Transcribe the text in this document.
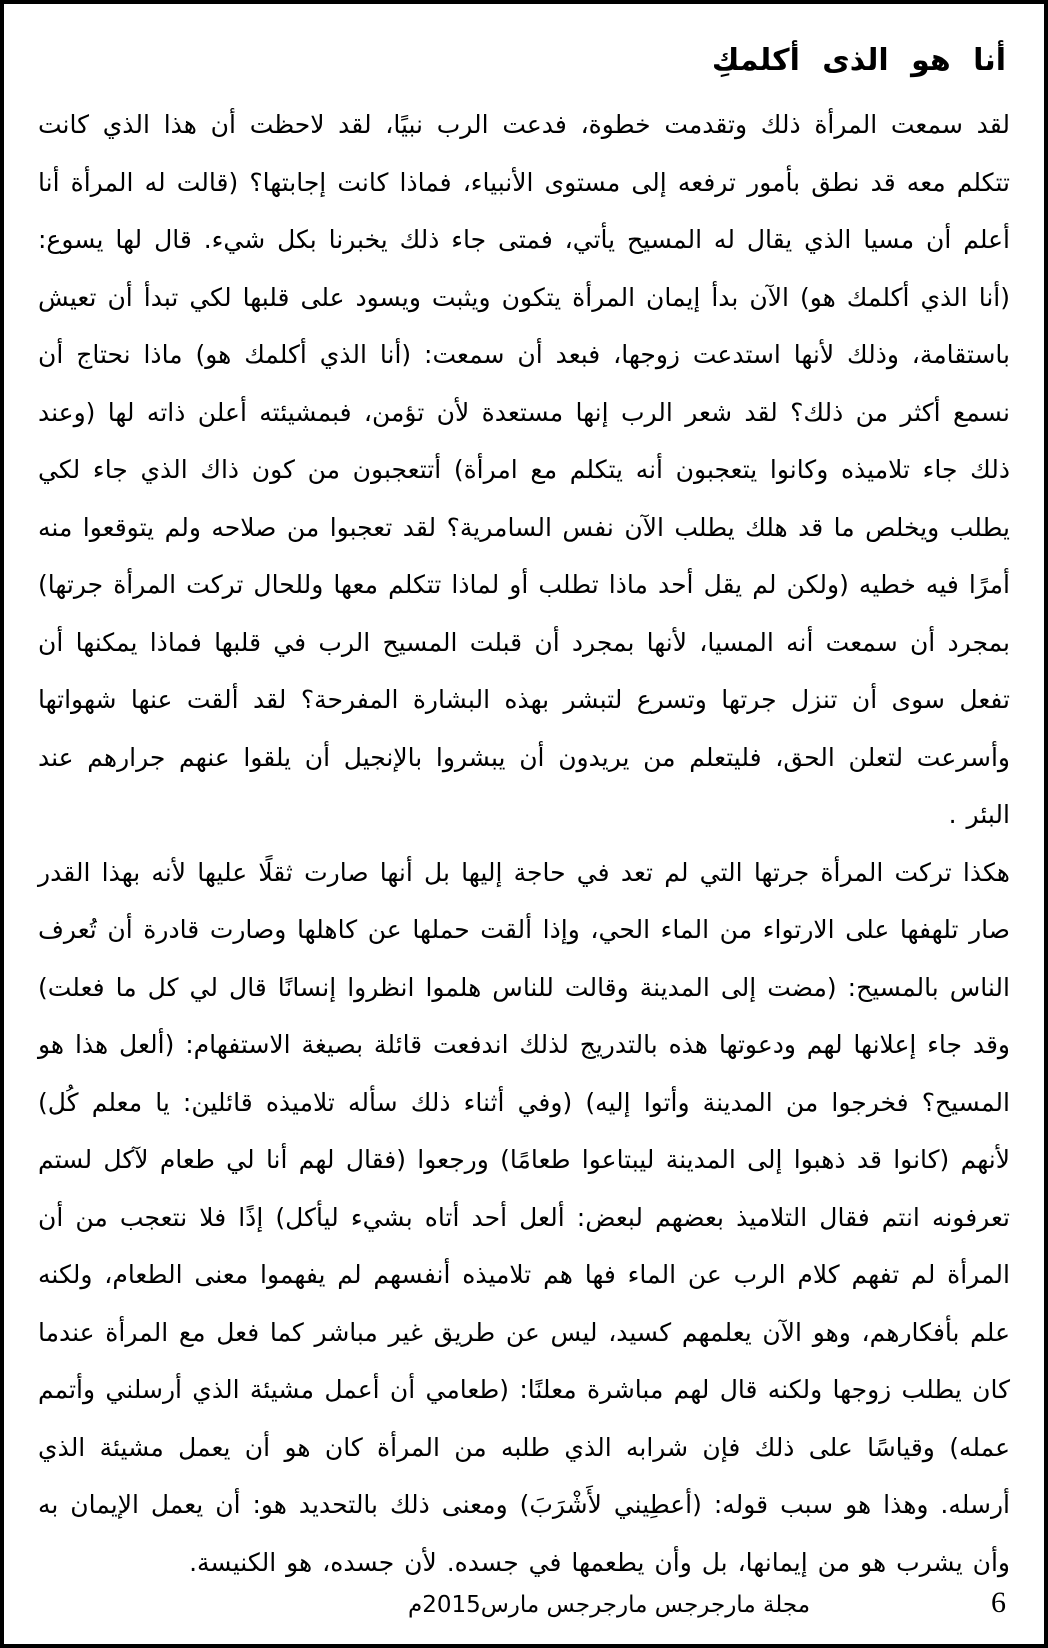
أنا هو الذى أكلمكِ

لقد سمعت المرأة ذلك وتقدمت خطوة، فدعت الرب نبيًا، لقد لاحظت أن هذا الذي كانت تتكلم معه قد نطق بأمور ترفعه إلى مستوى الأنبياء، فماذا كانت إجابتها؟ (قالت له المرأة أنا أعلم أن مسيا الذي يقال له المسيح يأتي، فمتى جاء ذلك يخبرنا بكل شيء. قال لها يسوع: (أنا الذي أكلمك هو) الآن بدأ إيمان المرأة يتكون ويثبت ويسود على قلبها لكي تبدأ أن تعيش باستقامة، وذلك لأنها استدعت زوجها، فبعد أن سمعت: (أنا الذي أكلمك هو) ماذا نحتاج أن نسمع أكثر من ذلك؟ لقد شعر الرب إنها مستعدة لأن تؤمن، فبمشيئته أعلن ذاته لها (وعند ذلك جاء تلاميذه وكانوا يتعجبون أنه يتكلم مع امرأة) أتتعجبون من كون ذاك الذي جاء لكي يطلب ويخلص ما قد هلك يطلب الآن نفس السامرية؟ لقد تعجبوا من صلاحه ولم يتوقعوا منه أمرًا فيه خطيه (ولكن لم يقل أحد ماذا تطلب أو لماذا تتكلم معها وللحال تركت المرأة جرتها) بمجرد أن سمعت أنه المسيا، لأنها بمجرد أن قبلت المسيح الرب في قلبها فماذا يمكنها أن تفعل سوى أن تنزل جرتها وتسرع لتبشر بهذه البشارة المفرحة؟ لقد ألقت عنها شهواتها وأسرعت لتعلن الحق، فليتعلم من يريدون أن يبشروا بالإنجيل أن يلقوا عنهم جرارهم عند البئر .

هكذا تركت المرأة جرتها التي لم تعد في حاجة إليها بل أنها صارت ثقلًا عليها لأنه بهذا القدر صار تلهفها على الارتواء من الماء الحي، وإذا ألقت حملها عن كاهلها وصارت قادرة أن تُعرف الناس بالمسيح: (مضت إلى المدينة وقالت للناس هلموا انظروا إنسانًا قال لي كل ما فعلت) وقد جاء إعلانها لهم ودعوتها هذه بالتدريج لذلك اندفعت قائلة بصيغة الاستفهام: (ألعل هذا هو المسيح؟ فخرجوا من المدينة وأتوا إليه) (وفي أثناء ذلك سأله تلاميذه قائلين: يا معلم كُل) لأنهم (كانوا قد ذهبوا إلى المدينة ليبتاعوا طعامًا) ورجعوا (فقال لهم أنا لي طعام لآكل لستم تعرفونه انتم فقال التلاميذ بعضهم لبعض: ألعل أحد أتاه بشيء ليأكل) إذًا فلا نتعجب من أن المرأة لم تفهم كلام الرب عن الماء فها هم تلاميذه أنفسهم لم يفهموا معنى الطعام، ولكنه علم بأفكارهم، وهو الآن يعلمهم كسيد، ليس عن طريق غير مباشر كما فعل مع المرأة عندما كان يطلب زوجها ولكنه قال لهم مباشرة معلنًا: (طعامي أن أعمل مشيئة الذي أرسلني وأتمم عمله) وقياسًا على ذلك فإن شرابه الذي طلبه من المرأة كان هو أن يعمل مشيئة الذي أرسله. وهذا هو سبب قوله: (أعطِيني لأَشْرَبَ) ومعنى ذلك بالتحديد هو: أن يعمل الإيمان به وأن يشرب هو من إيمانها، بل وأن يطعمها في جسده. لأن جسده، هو الكنيسة.

مجلة مارجرجس مارجرجس مارس2015م	6
